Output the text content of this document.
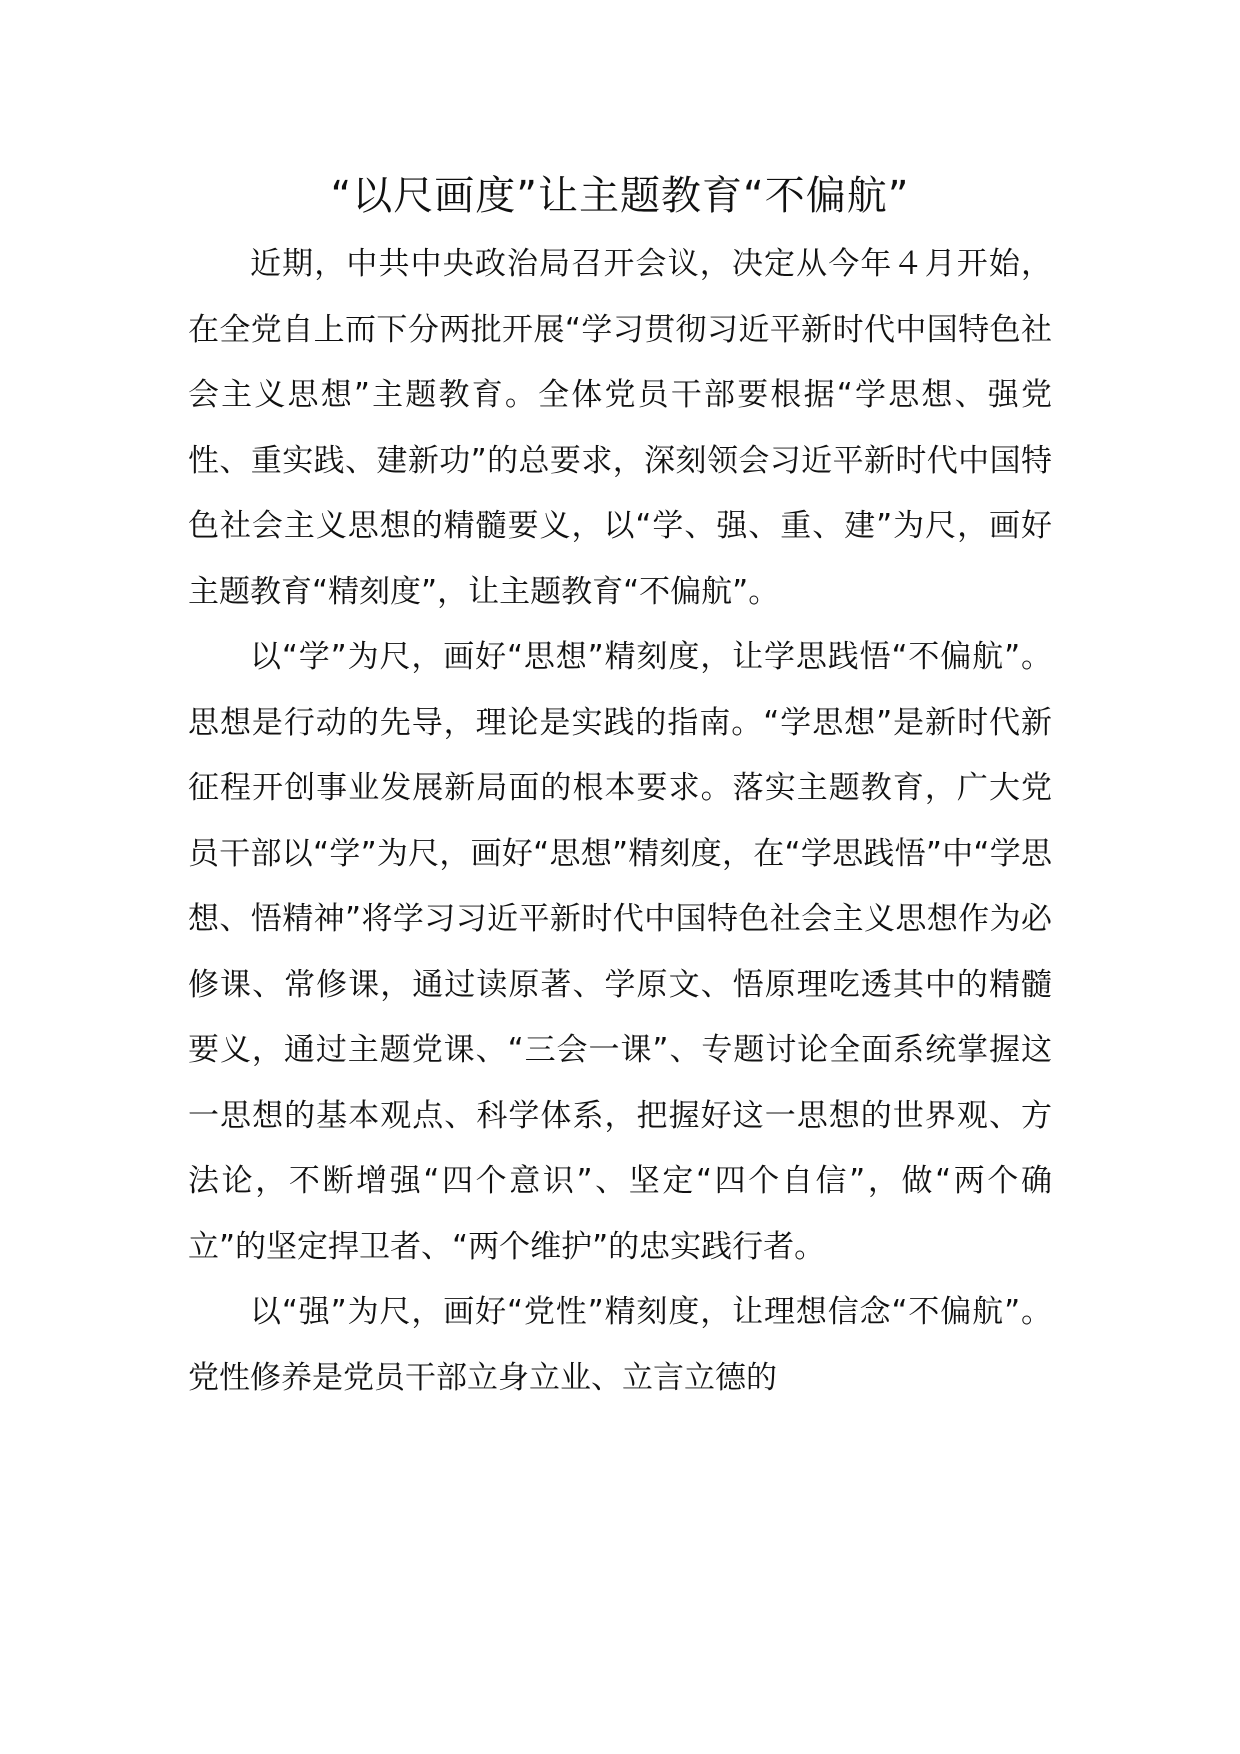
“以尺画度”让主题教育“不偏航”

近期，中共中央政治局召开会议，决定从今年４月开始，在全党自上而下分两批开展“学习贯彻习近平新时代中国特色社会主义思想”主题教育。全体党员干部要根据“学思想、强党性、重实践、建新功”的总要求，深刻领会习近平新时代中国特色社会主义思想的精髓要义，以“学、强、重、建”为尺，画好主题教育“精刻度”，让主题教育“不偏航”。

以“学”为尺，画好“思想”精刻度，让学思践悟“不偏航”。思想是行动的先导，理论是实践的指南。“学思想”是新时代新征程开创事业发展新局面的根本要求。落实主题教育，广大党员干部以“学”为尺，画好“思想”精刻度，在“学思践悟”中“学思想、悟精神”将学习习近平新时代中国特色社会主义思想作为必修课、常修课，通过读原著、学原文、悟原理吃透其中的精髓要义，通过主题党课、“三会一课”、专题讨论全面系统掌握这一思想的基本观点、科学体系，把握好这一思想的世界观、方法论，不断增强“四个意识”、坚定“四个自信”，做“两个确立”的坚定捍卫者、“两个维护”的忠实践行者。

以“强”为尺，画好“党性”精刻度，让理想信念“不偏航”。党性修养是党员干部立身立业、立言立德的
